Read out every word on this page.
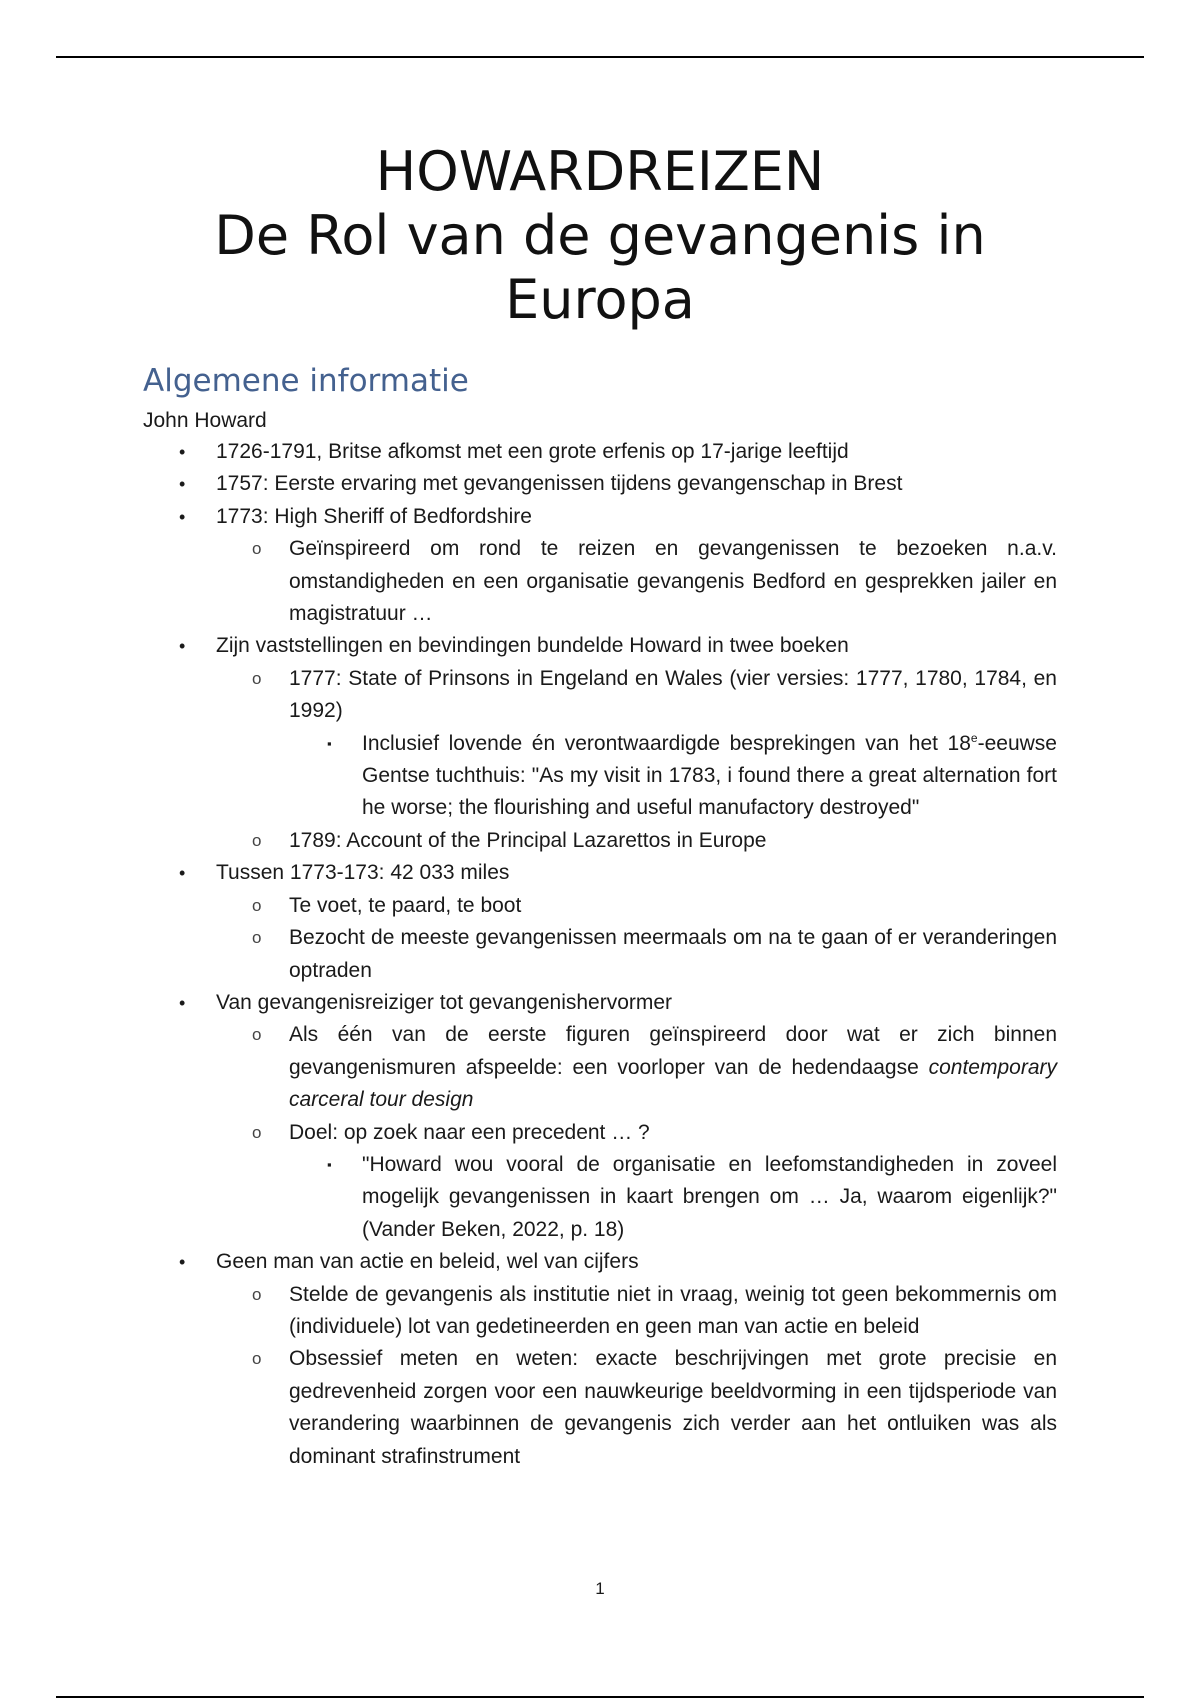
HOWARDREIZEN
De Rol van de gevangenis in
Europa
Algemene informatie
John Howard
• 1726-1791, Britse afkomst met een grote erfenis op 17-jarige leeftijd
• 1757: Eerste ervaring met gevangenissen tijdens gevangenschap in Brest
• 1773: High Sheriff of Bedfordshire
o Geïnspireerd om rond te reizen en gevangenissen te bezoeken n.a.v. omstandigheden en een organisatie gevangenis Bedford en gesprekken jailer en magistratuur …
• Zijn vaststellingen en bevindingen bundelde Howard in twee boeken
o 1777: State of Prinsons in Engeland en Wales (vier versies: 1777, 1780, 1784, en 1992)
▪ Inclusief lovende én verontwaardigde besprekingen van het 18e-eeuwse Gentse tuchthuis: "As my visit in 1783, i found there a great alternation fort he worse; the flourishing and useful manufactory destroyed"
o 1789: Account of the Principal Lazarettos in Europe
• Tussen 1773-173: 42 033 miles
o Te voet, te paard, te boot
o Bezocht de meeste gevangenissen meermaals om na te gaan of er veranderingen optraden
• Van gevangenisreiziger tot gevangenishervormer
o Als één van de eerste figuren geïnspireerd door wat er zich binnen gevangenismuren afspeelde: een voorloper van de hedendaagse contemporary carceral tour design
o Doel: op zoek naar een precedent … ?
▪ "Howard wou vooral de organisatie en leefomstandigheden in zoveel mogelijk gevangenissen in kaart brengen om … Ja, waarom eigenlijk?" (Vander Beken, 2022, p. 18)
• Geen man van actie en beleid, wel van cijfers
o Stelde de gevangenis als institutie niet in vraag, weinig tot geen bekommernis om (individuele) lot van gedetineerden en geen man van actie en beleid
o Obsessief meten en weten: exacte beschrijvingen met grote precisie en gedrevenheid zorgen voor een nauwkeurige beeldvorming in een tijdsperiode van verandering waarbinnen de gevangenis zich verder aan het ontluiken was als dominant strafinstrument
1
